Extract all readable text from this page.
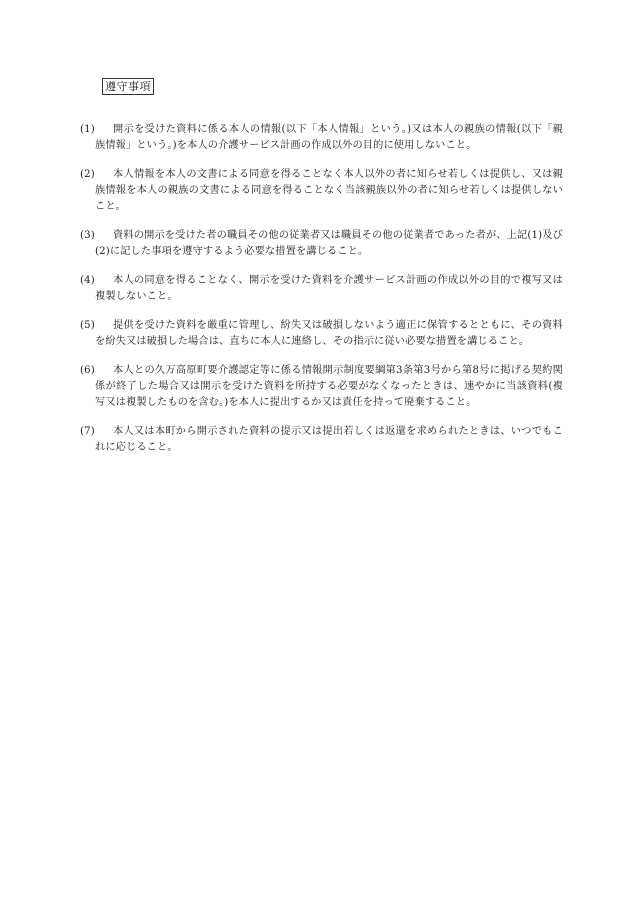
遵守事項
(1)	開示を受けた資料に係る本人の情報(以下「本人情報」という。)又は本人の親族の情報(以下「親族情報」という。)を本人の介護サービス計画の作成以外の目的に使用しないこと。
(2)	本人情報を本人の文書による同意を得ることなく本人以外の者に知らせ若しくは提供し、又は親族情報を本人の親族の文書による同意を得ることなく当該親族以外の者に知らせ若しくは提供しないこと。
(3)	資料の開示を受けた者の職員その他の従業者又は職員その他の従業者であった者が、上記(1)及び(2)に記した事項を遵守するよう必要な措置を講じること。
(4)	本人の同意を得ることなく、開示を受けた資料を介護サービス計画の作成以外の目的で複写又は複製しないこと。
(5)	提供を受けた資料を厳重に管理し、紛失又は破損しないよう適正に保管するとともに、その資料を紛失又は破損した場合は、直ちに本人に連絡し、その指示に従い必要な措置を講じること。
(6)	本人との久万高原町要介護認定等に係る情報開示制度要綱第3条第3号から第8号に掲げる契約関係が終了した場合又は開示を受けた資料を所持する必要がなくなったときは、速やかに当該資料(複写又は複製したものを含む。)を本人に提出するか又は責任を持って廃棄すること。
(7)	本人又は本町から開示された資料の提示又は提出若しくは返還を求められたときは、いつでもこれに応じること。
